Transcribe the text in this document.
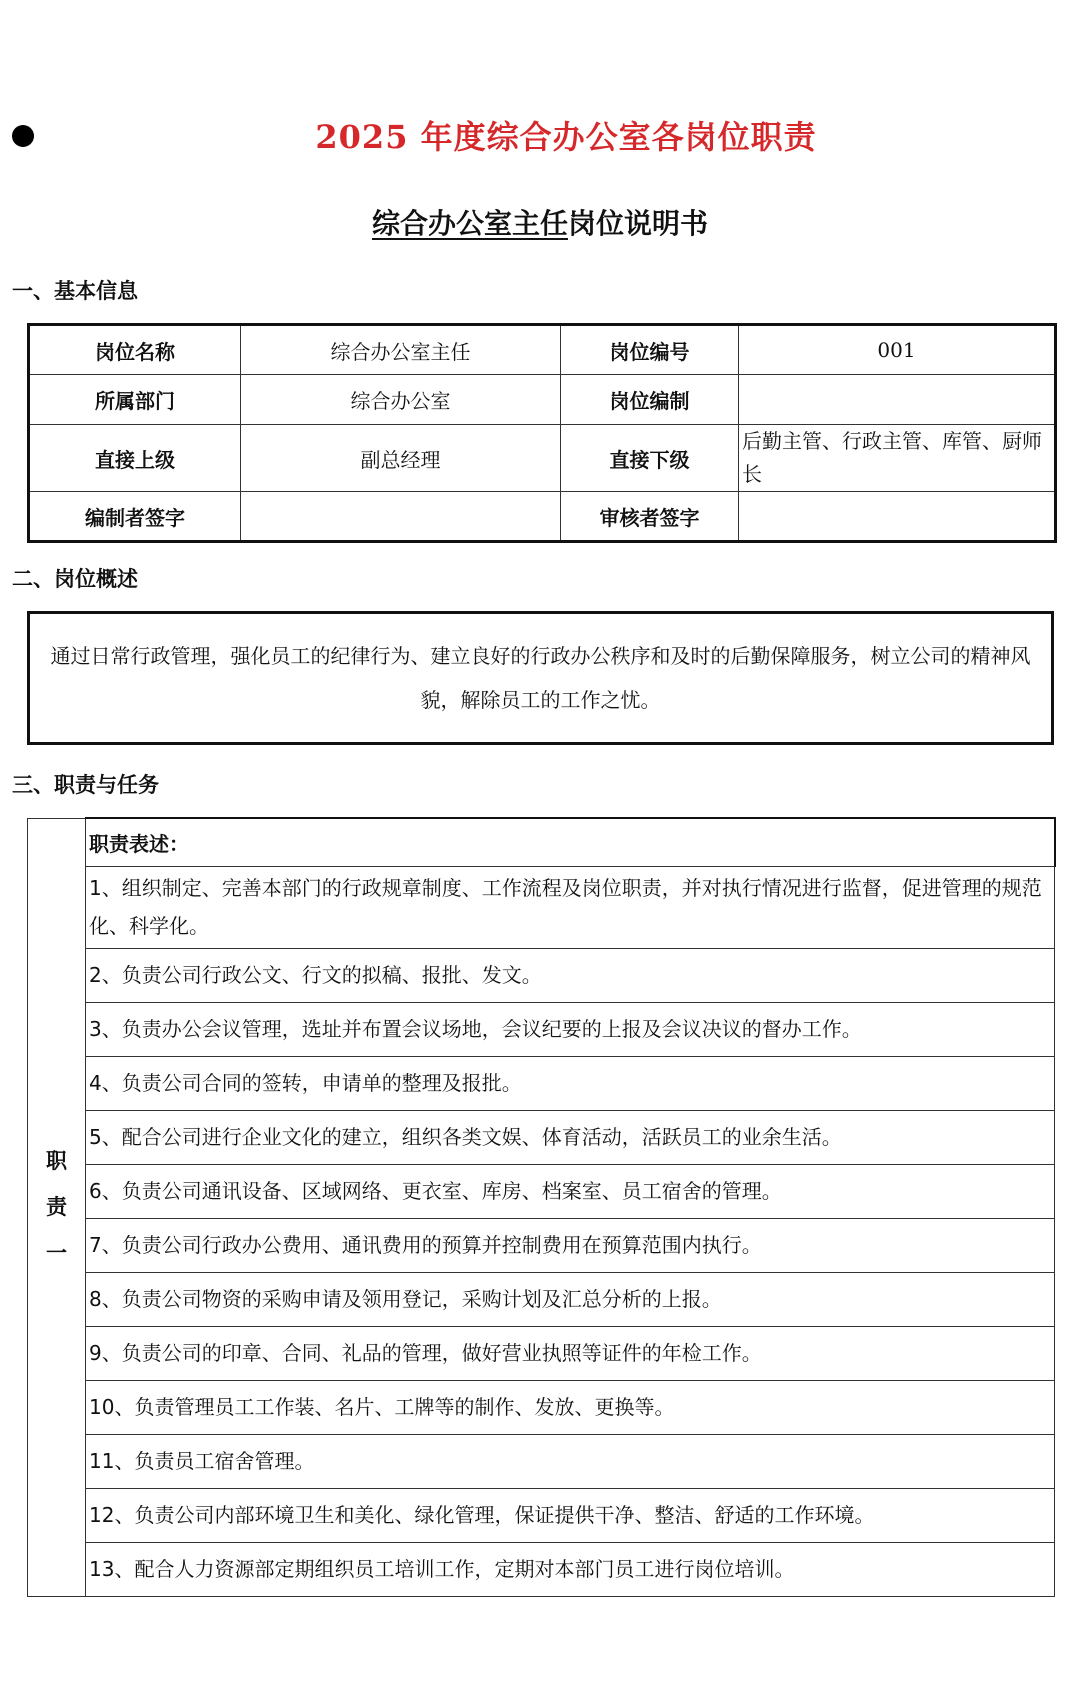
2025 年度综合办公室各岗位职责
综合办公室主任岗位说明书
一、基本信息
岗位名称	综合办公室主任	岗位编号	001
所属部门	综合办公室	岗位编制	
直接上级	副总经理	直接下级	后勤主管、行政主管、库管、厨师长
编制者签字		审核者签字	
二、岗位概述
通过日常行政管理，强化员工的纪律行为、建立良好的行政办公秩序和及时的后勤保障服务，树立公司的精神风貌，解除员工的工作之忧。
三、职责与任务
职
责
一
	职责表述：
1、组织制定、完善本部门的行政规章制度、工作流程及岗位职责，并对执行情况进行监督，促进管理的规范化、科学化。
2、负责公司行政公文、行文的拟稿、报批、发文。
3、负责办公会议管理，选址并布置会议场地，会议纪要的上报及会议决议的督办工作。
4、负责公司合同的签转，申请单的整理及报批。
5、配合公司进行企业文化的建立，组织各类文娱、体育活动，活跃员工的业余生活。
6、负责公司通讯设备、区域网络、更衣室、库房、档案室、员工宿舍的管理。
7、负责公司行政办公费用、通讯费用的预算并控制费用在预算范围内执行。
8、负责公司物资的采购申请及领用登记，采购计划及汇总分析的上报。
9、负责公司的印章、合同、礼品的管理，做好营业执照等证件的年检工作。
10、负责管理员工工作装、名片、工牌等的制作、发放、更换等。
11、负责员工宿舍管理。
12、负责公司内部环境卫生和美化、绿化管理，保证提供干净、整洁、舒适的工作环境。
13、配合人力资源部定期组织员工培训工作，定期对本部门员工进行岗位培训。
